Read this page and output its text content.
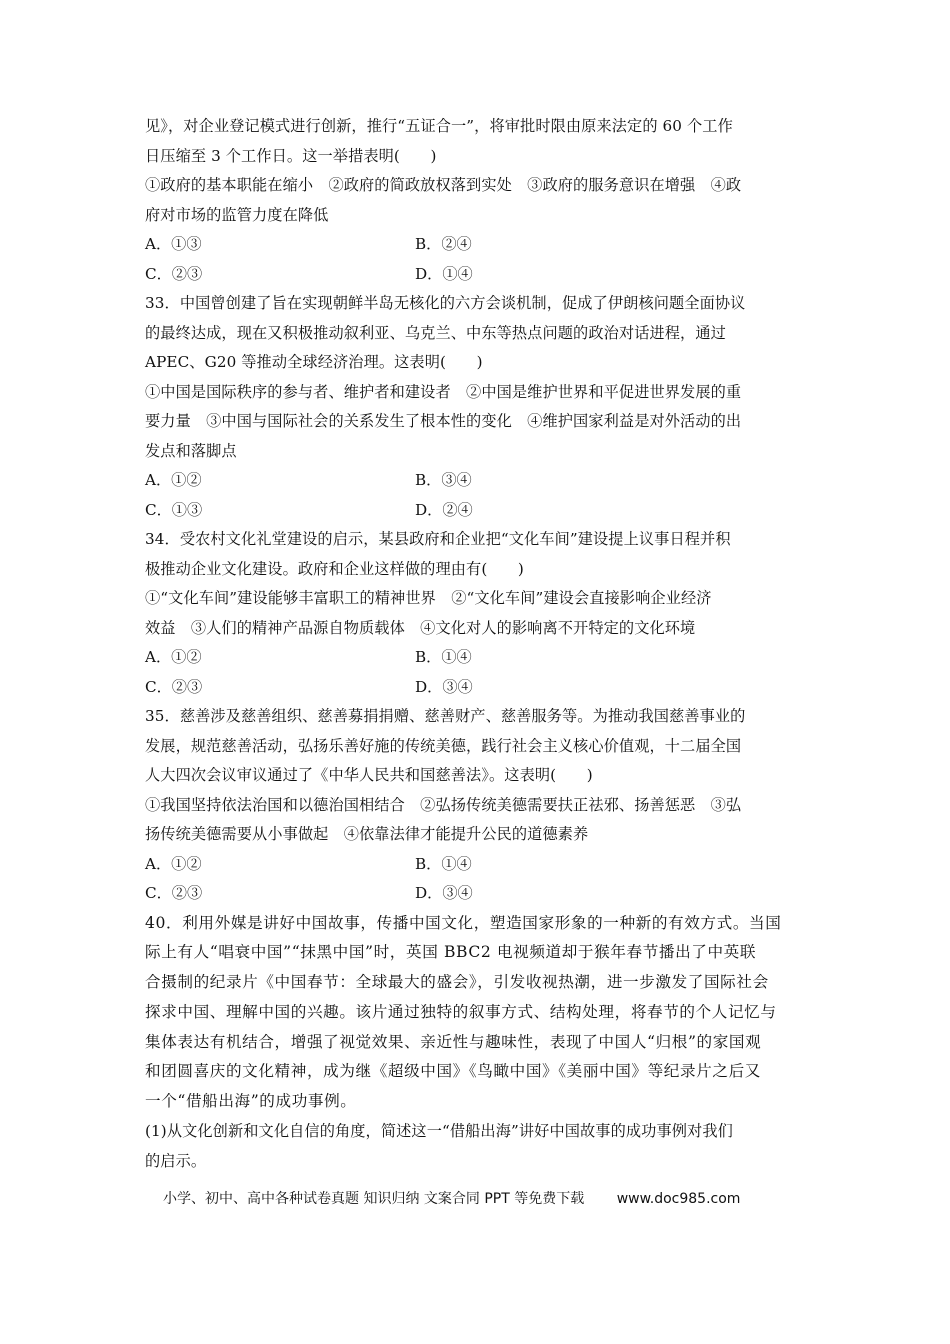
见》，对企业登记模式进行创新，推行“五证合一”，将审批时限由原来法定的 60 个工作
日压缩至 3 个工作日。这一举措表明(　　)
①政府的基本职能在缩小　②政府的简政放权落到实处　③政府的服务意识在增强　④政
府对市场的监管力度在降低
A．①③	B．②④
C．②③	D．①④
33．中国曾创建了旨在实现朝鲜半岛无核化的六方会谈机制，促成了伊朗核问题全面协议
的最终达成，现在又积极推动叙利亚、乌克兰、中东等热点问题的政治对话进程，通过
APEC、G20 等推动全球经济治理。这表明(　　)
①中国是国际秩序的参与者、维护者和建设者　②中国是维护世界和平促进世界发展的重
要力量　③中国与国际社会的关系发生了根本性的变化　④维护国家利益是对外活动的出
发点和落脚点
A．①②	B．③④
C．①③	D．②④
34．受农村文化礼堂建设的启示，某县政府和企业把“文化车间”建设提上议事日程并积
极推动企业文化建设。政府和企业这样做的理由有(　　)
①“文化车间”建设能够丰富职工的精神世界　②“文化车间”建设会直接影响企业经济
效益　③人们的精神产品源自物质载体　④文化对人的影响离不开特定的文化环境
A．①②	B．①④
C．②③	D．③④
35．慈善涉及慈善组织、慈善募捐捐赠、慈善财产、慈善服务等。为推动我国慈善事业的
发展，规范慈善活动，弘扬乐善好施的传统美德，践行社会主义核心价值观，十二届全国
人大四次会议审议通过了《中华人民共和国慈善法》。这表明(　　)
①我国坚持依法治国和以德治国相结合　②弘扬传统美德需要扶正祛邪、扬善惩恶　③弘
扬传统美德需要从小事做起　④依靠法律才能提升公民的道德素养
A．①②	B．①④
C．②③	D．③④
40．利用外媒是讲好中国故事，传播中国文化，塑造国家形象的一种新的有效方式。当国
际上有人“唱衰中国”“抹黑中国”时，英国 BBC2 电视频道却于猴年春节播出了中英联
合摄制的纪录片《中国春节：全球最大的盛会》，引发收视热潮，进一步激发了国际社会
探求中国、理解中国的兴趣。该片通过独特的叙事方式、结构处理，将春节的个人记忆与
集体表达有机结合，增强了视觉效果、亲近性与趣味性，表现了中国人“归根”的家国观
和团圆喜庆的文化精神，成为继《超级中国》《鸟瞰中国》《美丽中国》等纪录片之后又
一个“借船出海”的成功事例。
(1)从文化创新和文化自信的角度，简述这一“借船出海”讲好中国故事的成功事例对我们
的启示。
小学、初中、高中各种试卷真题 知识归纳 文案合同 PPT 等免费下载 www.doc985.com
